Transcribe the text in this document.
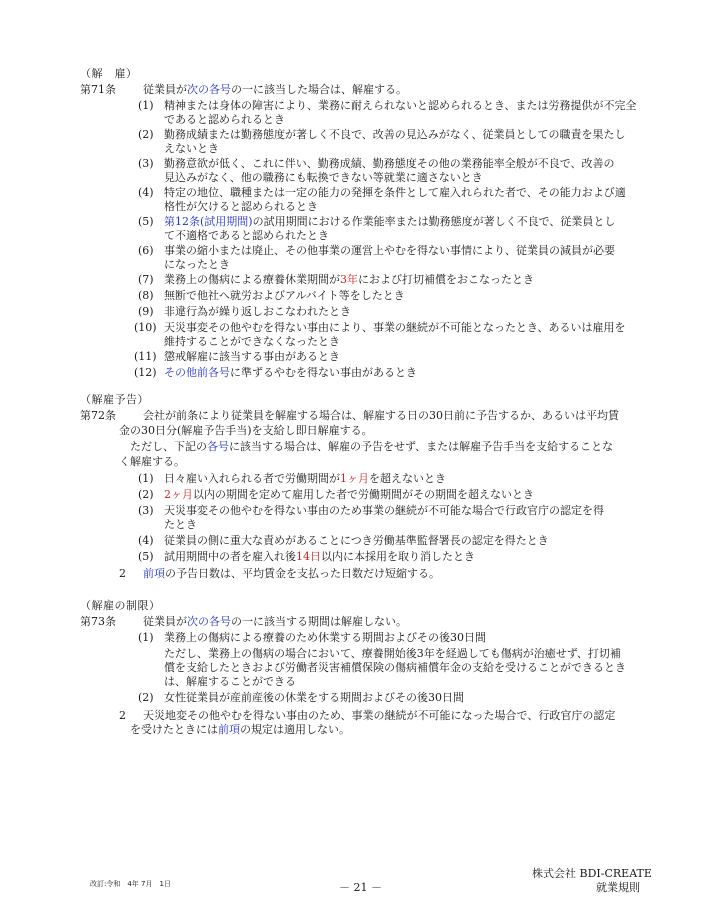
（解　雇）
第71条 従業員が次の各号の一に該当した場合は、解雇する。
(1) 精神または身体の障害により、業務に耐えられないと認められるとき、または労務提供が不完全
であると認められるとき
(2) 勤務成績または勤務態度が著しく不良で、改善の見込みがなく、従業員としての職責を果たし
えないとき
(3) 勤務意欲が低く、これに伴い、勤務成績、勤務態度その他の業務能率全般が不良で、改善の
見込みがなく、他の職務にも転換できない等就業に適さないとき
(4) 特定の地位、職種または一定の能力の発揮を条件として雇入れられた者で、その能力および適
格性が欠けると認められるとき
(5) 第12条(試用期間)の試用期間における作業能率または勤務態度が著しく不良で、従業員とし
て不適格であると認められたとき
(6) 事業の縮小または廃止、その他事業の運営上やむを得ない事情により、従業員の減員が必要
になったとき
(7) 業務上の傷病による療養休業期間が3年におよび打切補償をおこなったとき
(8) 無断で他社へ就労およびアルバイト等をしたとき
(9) 非違行為が繰り返しおこなわれたとき
(10) 天災事変その他やむを得ない事由により、事業の継続が不可能となったとき、あるいは雇用を
維持することができなくなったとき
(11) 懲戒解雇に該当する事由があるとき
(12) その他前各号に準ずるやむを得ない事由があるとき
（解雇予告）
第72条 会社が前条により従業員を解雇する場合は、解雇する日の30日前に予告するか、あるいは平均賃
金の30日分(解雇予告手当)を支給し即日解雇する。
ただし、下記の各号に該当する場合は、解雇の予告をせず、または解雇予告手当を支給することな
く解雇する。
(1) 日々雇い入れられる者で労働期間が1ヶ月を超えないとき
(2) 2ヶ月以内の期間を定めて雇用した者で労働期間がその期間を超えないとき
(3) 天災事変その他やむを得ない事由のため事業の継続が不可能な場合で行政官庁の認定を得
たとき
(4) 従業員の側に重大な責めがあることにつき労働基準監督署長の認定を得たとき
(5) 試用期間中の者を雇入れ後14日以内に本採用を取り消したとき
2 前項の予告日数は、平均賃金を支払った日数だけ短縮する。
（解雇の制限）
第73条 従業員が次の各号の一に該当する期間は解雇しない。
(1) 業務上の傷病による療養のため休業する期間およびその後30日間
ただし、業務上の傷病の場合において、療養開始後3年を経過しても傷病が治癒せず、打切補
償を支給したときおよび労働者災害補償保険の傷病補償年金の支給を受けることができるとき
は、解雇することができる
(2) 女性従業員が産前産後の休業をする期間およびその後30日間
2 天災地変その他やむを得ない事由のため、事業の継続が不可能になった場合で、行政官庁の認定
を受けたときには前項の規定は適用しない。
改訂:令和　4年 7月　1日	－ 21 －
株式会社 BDI-CREATE
就業規則
